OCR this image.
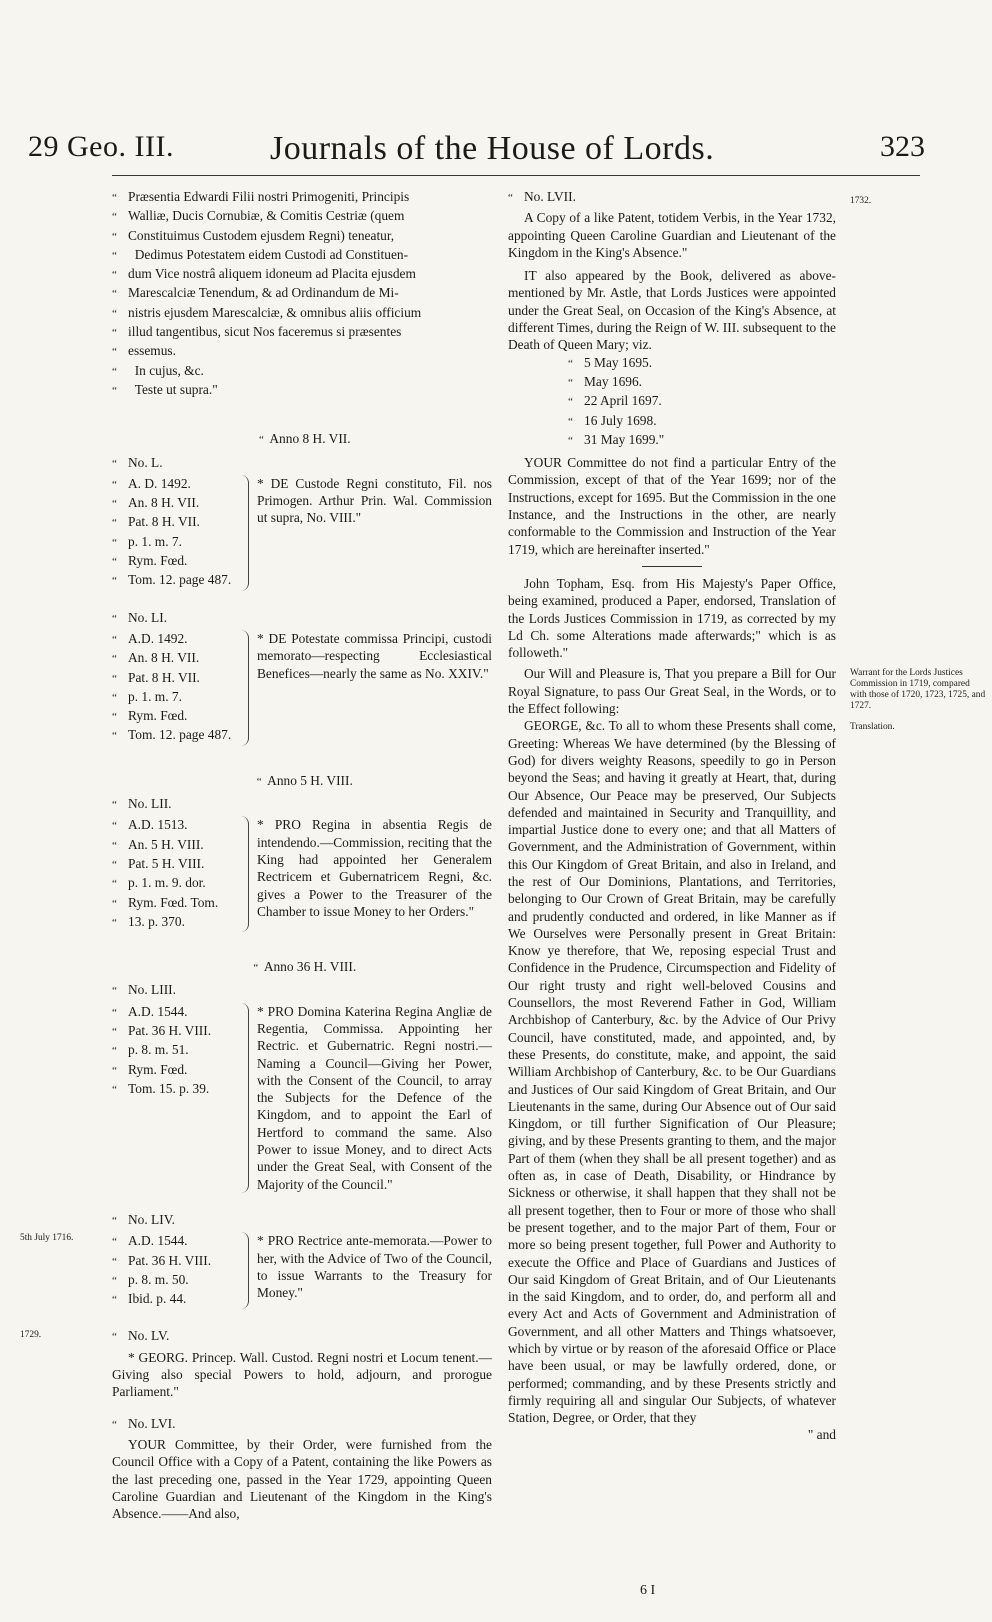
29 Geo. III.	Journals of the House of Lords.	323

“ Præsentia Edwardi Filii nostri Primogeniti, Principis

“ Walliæ, Ducis Cornubiæ, & Comitis Cestriæ (quem

“ Constituimus Custodem ejusdem Regni) teneatur,

“ Dedimus Potestatem eidem Custodi ad Constituen-

“ dum Vice nostrâ aliquem idoneum ad Placita ejusdem

“ Marescalciæ Tenendum, & ad Ordinandum de Mi-

“ nistris ejusdem Marescalciæ, & omnibus aliis officium

“ illud tangentibus, sicut Nos faceremus si præsentes

“ essemus.

“ In cujus, &c.

“ Teste ut supra."

“ Anno 8 H. VII.
“ No. L.
“ A. D. 1492.
“ An. 8 H. VII.
“ Pat. 8 H. VII.
“ p. 1. m. 7.
“ Rym. Fœd.
“ Tom. 12. page 487.
* DE Custode Regni constituto, Fil. nos Primogen. Arthur Prin. Wal. Commission ut supra, No. VIII."
“ No. LI.
“ A.D. 1492.
“ An. 8 H. VII.
“ Pat. 8 H. VII.
“ p. 1. m. 7.
“ Rym. Fœd.
“ Tom. 12. page 487.
* DE Potestate commissa Principi, custodi memorato—respecting Ecclesiastical Benefices—nearly the same as No. XXIV."
“ Anno 5 H. VIII.
“ No. LII.
“ A.D. 1513.
“ An. 5 H. VIII.
“ Pat. 5 H. VIII.
“ p. 1. m. 9. dor.
“ Rym. Fœd. Tom.
“ 13. p. 370.
* PRO Regina in absentia Regis de intendendo.—Commission, reciting that the King had appointed her Generalem Rectricem et Gubernatricem Regni, &c. gives a Power to the Treasurer of the Chamber to issue Money to her Orders."
“ Anno 36 H. VIII.
“ No. LIII.
“ A.D. 1544.
“ Pat. 36 H. VIII.
“ p. 8. m. 51.
“ Rym. Fœd.
“ Tom. 15. p. 39.
* PRO Domina Katerina Regina Angliæ de Regentia, Commissa. Appointing her Rectric. et Gubernatric. Regni nostri.—Naming a Council—Giving her Power, with the Consent of the Council, to array the Subjects for the Defence of the Kingdom, and to appoint the Earl of Hertford to command the same. Also Power to issue Money, and to direct Acts under the Great Seal, with Consent of the Majority of the Council."
“ No. LIV.
“ A.D. 1544.
“ Pat. 36 H. VIII.
“ p. 8. m. 50.
“ Ibid. p. 44.
* PRO Rectrice ante-memorata.—Power to her, with the Advice of Two of the Council, to issue Warrants to the Treasury for Money."
“ No. LV.

* GEORG. Princep. Wall. Custod. Regni nostri et Locum tenent.—Giving also special Powers to hold, adjourn, and prorogue Parliament."

“ No. LVI.

YOUR Committee, by their Order, were furnished from the Council Office with a Copy of a Patent, containing the like Powers as the last preceding one, passed in the Year 1729, appointing Queen Caroline Guardian and Lieutenant of the Kingdom in the King's Absence.——And also,

“ No. LVII.

A Copy of a like Patent, totidem Verbis, in the Year 1732, appointing Queen Caroline Guardian and Lieutenant of the Kingdom in the King's Absence."

IT also appeared by the Book, delivered as above-mentioned by Mr. Astle, that Lords Justices were appointed under the Great Seal, on Occasion of the King's Absence, at different Times, during the Reign of W. III. subsequent to the Death of Queen Mary; viz.

“ 5 May 1695.
“ May 1696.
“ 22 April 1697.
“ 16 July 1698.
“ 31 May 1699."

YOUR Committee do not find a particular Entry of the Commission, except of that of the Year 1699; nor of the Instructions, except for 1695. But the Commission in the one Instance, and the Instructions in the other, are nearly conformable to the Commission and Instruction of the Year 1719, which are hereinafter inserted."

John Topham, Esq. from His Majesty's Paper Office, being examined, produced a Paper, endorsed, Translation of the Lords Justices Commission in 1719, as corrected by my Ld Ch. some Alterations made afterwards;" which is as followeth."

Our Will and Pleasure is, That you prepare a Bill for Our Royal Signature, to pass Our Great Seal, in the Words, or to the Effect following:

GEORGE, &c. To all to whom these Presents shall come, Greeting: Whereas We have determined (by the Blessing of God) for divers weighty Reasons, speedily to go in Person beyond the Seas; and having it greatly at Heart, that, during Our Absence, Our Peace may be preserved, Our Subjects defended and maintained in Security and Tranquillity, and impartial Justice done to every one; and that all Matters of Government, and the Administration of Government, within this Our Kingdom of Great Britain, and also in Ireland, and the rest of Our Dominions, Plantations, and Territories, belonging to Our Crown of Great Britain, may be carefully and prudently conducted and ordered, in like Manner as if We Ourselves were Personally present in Great Britain: Know ye therefore, that We, reposing especial Trust and Confidence in the Prudence, Circumspection and Fidelity of Our right trusty and right well-beloved Cousins and Counsellors, the most Reverend Father in God, William Archbishop of Canterbury, &c. by the Advice of Our Privy Council, have constituted, made, and appointed, and, by these Presents, do constitute, make, and appoint, the said William Archbishop of Canterbury, &c. to be Our Guardians and Justices of Our said Kingdom of Great Britain, and Our Lieutenants in the same, during Our Absence out of Our said Kingdom, or till further Signification of Our Pleasure; giving, and by these Presents granting to them, and the major Part of them (when they shall be all present together) and as often as, in case of Death, Disability, or Hindrance by Sickness or otherwise, it shall happen that they shall not be all present together, then to Four or more of those who shall be present together, and to the major Part of them, Four or more so being present together, full Power and Authority to execute the Office and Place of Guardians and Justices of Our said Kingdom of Great Britain, and of Our Lieutenants in the said Kingdom, and to order, do, and perform all and every Act and Acts of Government and Administration of Government, and all other Matters and Things whatsoever, which by virtue or by reason of the aforesaid Office or Place have been usual, or may be lawfully ordered, done, or performed; commanding, and by these Presents strictly and firmly requiring all and singular Our Subjects, of whatever Station, Degree, or Order, that they

" and

1732.
Warrant for the Lords Justices Commission in 1719, compared with those of 1720, 1723, 1725, and 1727.
Translation.
5th July 1716.
1729.
6 I
